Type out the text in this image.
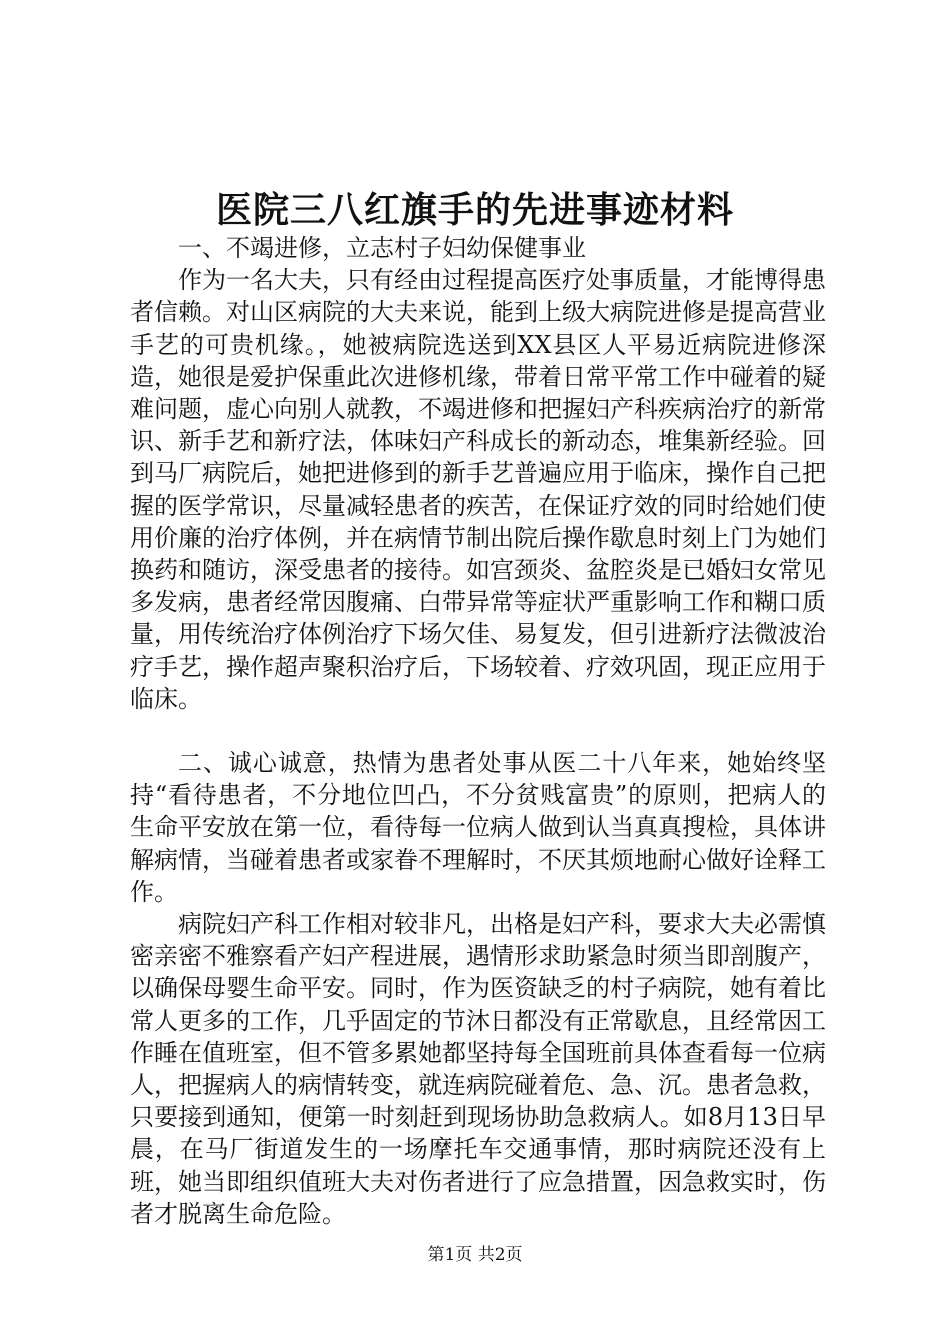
医院三八红旗手的先进事迹材料

一、不竭进修，立志村子妇幼保健事业

作为一名大夫，只有经由过程提高医疗处事质量，才能博得患者信赖。对山区病院的大夫来说，能到上级大病院进修是提高营业手艺的可贵机缘。，她被病院选送到XX县区人平易近病院进修深造，她很是爱护保重此次进修机缘，带着日常平常工作中碰着的疑难问题，虚心向别人就教，不竭进修和把握妇产科疾病治疗的新常识、新手艺和新疗法，体味妇产科成长的新动态，堆集新经验。回到马厂病院后，她把进修到的新手艺普遍应用于临床，操作自己把握的医学常识，尽量减轻患者的疾苦，在保证疗效的同时给她们使用价廉的治疗体例，并在病情节制出院后操作歇息时刻上门为她们换药和随访，深受患者的接待。如宫颈炎、盆腔炎是已婚妇女常见多发病，患者经常因腹痛、白带异常等症状严重影响工作和糊口质量，用传统治疗体例治疗下场欠佳、易复发，但引进新疗法微波治疗手艺，操作超声聚积治疗后，下场较着、疗效巩固，现正应用于临床。

二、诚心诚意，热情为患者处事从医二十八年来，她始终坚持“看待患者，不分地位凹凸，不分贫贱富贵”的原则，把病人的生命平安放在第一位，看待每一位病人做到认当真真搜检，具体讲解病情，当碰着患者或家眷不理解时，不厌其烦地耐心做好诠释工作。

病院妇产科工作相对较非凡，出格是妇产科，要求大夫必需慎密亲密不雅察看产妇产程进展，遇情形求助紧急时须当即剖腹产，以确保母婴生命平安。同时，作为医资缺乏的村子病院，她有着比常人更多的工作，几乎固定的节沐日都没有正常歇息，且经常因工作睡在值班室，但不管多累她都坚持每全国班前具体查看每一位病人，把握病人的病情转变，就连病院碰着危、急、沉。患者急救，只要接到通知，便第一时刻赶到现场协助急救病人。如8月13日早晨，在马厂街道发生的一场摩托车交通事情，那时病院还没有上班，她当即组织值班大夫对伤者进行了应急措置，因急救实时，伤者才脱离生命危险。

第1页 共2页
